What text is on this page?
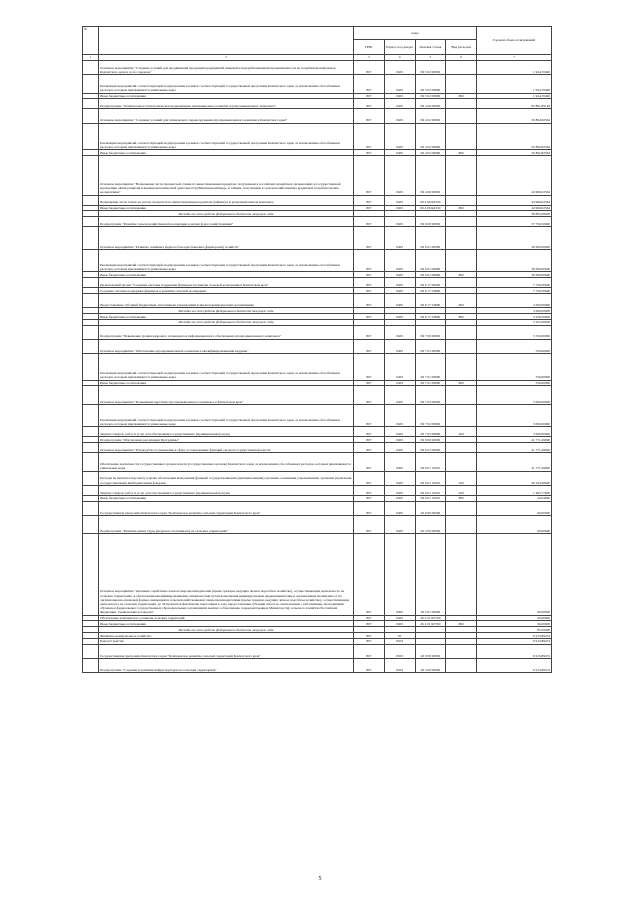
№		коды				Годовой объем ассигнований
		ГРБС	Раздел, под-раздел	Целевая статья	Вид расходов	
1	2	3	4	5	6	7
	Основное мероприятие "Создание условий для продвижения продукции предприятий пищевой и перерабатывающей промышленности на потребительский рынок Камчатского края и за его пределы"	807	0405	09 3 02 00000		1 944,76400
	Реализация мероприятий соответствующей подпрограммы в рамках соответствующей государственной программы Камчатского края, за исключением обособленных расходов, которым присваиваются уникальные коды	807	0405	09 3 02 09990		1 944,76400
	Иные бюджетные ассигнования	807	0405	09 3 02 09990	800	1 944,76400
	Подпрограмма "Техническая и технологическая модернизация, инновационное развитие агропромышленного комплекса"	807	0405	09 4 00 00000		95 861,85128
	Основное мероприятие "Создание условий для технического перевооружения агропромышленного комплекса Камчатского края"	807	0405	09 4 02 00000		50 892,82564
	Реализация мероприятий соответствующей подпрограммы в рамках соответствующей государственной программы Камчатского края, за исключением обособленных расходов, которым присваиваются уникальные коды	807	0405	09 4 02 09990		50 892,82564
	Иные бюджетные ассигнования	807	0405	09 4 02 09990	800	50 892,82564
	Основное мероприятие "Возмещение части процентной ставки по инвестиционным кредитам, полученным в российских кредитных организациях и государственной корпорации «Банк развития и внешнеэкономической деятельности (Внешэкономбанк)», и займам, полученным в сельскохозяйственных кредитных потребительских кооперативах"	807	0405	09 4 06 00000		44 969,02564
	Возмещение части затрат на уплату процентов по инвестиционным кредитам (займам) в агропромышленном комплексе	807	0405	09 4 06 R4330		44 969,02564
	Иные бюджетные ассигнования	807	0405	09 4 06 R4330	800	44 969,02564
	Расходы за счет средств федерального бюджета текущего года					38 893,00000
	Подпрограмма "Развитие сельскохозяйственной кооперации и малых форм хозяйствования"	807	0405	09 6 00 00000		37 756,50000
	Основное мероприятие "Развитие семейных ферм на базе крестьянских (фермерских) хозяйств"	807	0405	09 6 01 00000		30 000,00000
	Реализация мероприятий соответствующей подпрограммы в рамках соответствующей государственной программы Камчатского края, за исключением обособленных расходов, которым присваиваются уникальные коды	807	0405	09 6 01 09990		30 000,00000
	Иные бюджетные ассигнования	807	0405	09 6 01 09990	800	30 000,00000
	Региональный проект "Создание системы поддержки фермеров и развитие сельской кооперации в Камчатском крае"	807	0405	09 6 17 00000		7 756,50000
	Создание системы поддержки фермеров и развитие сельской кооперации	807	0405	09 6 17 54800		7 756,50000
	Предоставление субсидий бюджетным, автономным учреждениям и иным некоммерческим организациям	807	0405	09 6 17 54800	600	4 500,00000
	Расходы за счет средств федерального бюджета текущего года					3 600,00000
	Иные бюджетные ассигнования	807	0405	09 6 17 54800	800	3 256,50000
	Расходы за счет средств федерального бюджета текущего года					3 165,00000
	Подпрограмма "Повышение уровня кадрового потенциала и информационного обеспечения агропромышленного комплекса"	807	0405	09 7 00 00000		3 550,00000
	Основное мероприятие "Обеспечение агропромышленного комплекса квалифицированными кадрами"	807	0405	09 7 01 00000		550,00000
	Реализация мероприятий соответствующей подпрограммы в рамках соответствующей государственной программы Камчатского края, за исключением обособленных расходов, которым присваиваются уникальные коды	807	0405	09 7 01 09990		550,00000
	Иные бюджетные ассигнования	807	0405	09 7 01 09990	800	550,00000
	Основное мероприятие "Повышение престижа агропромышленного комплекса в Камчатском крае"	807	0405	09 7 02 00000		3 000,00000
	Реализация мероприятий соответствующей подпрограммы в рамках соответствующей государственной программы Камчатского края, за исключением обособленных расходов, которым присваиваются уникальные коды	807	0405	09 7 02 09990		3 000,00000
	Закупка товаров, работ и услуг для обеспечения государственных (муниципальных) нужд	807	0405	09 7 02 09990	200	3 000,00000
	Подпрограмма "Обеспечение реализации Программы"	807	0405	09 9 00 00000		41 771,49000
	Основное мероприятие "Руководство и управление в сфере установленных функций органов государственной власти"	807	0405	09 9 01 00000		41 771,49000
	Обеспечение деятельности государственных органов власти (государственных органов) Камчатского края, за исключением обособленных расходов, которым присваиваются уникальные коды	807	0405	09 9 01 10010		41 771,49000
	Расходы на выплаты персоналу в целях обеспечения выполнения функций государственными (муниципальными) органами, казенными учреждениями, органами управления государственными внебюджетными фондами	807	0405	09 9 01 10010	100	40 243,68000
	Закупка товаров, работ и услуг для обеспечения государственных (муниципальных) нужд	807	0405	09 9 01 10010	200	1 495,77000
	Иные бюджетные ассигнования	807	0405	09 9 01 10010	800	32,04000
	Государственная программа Камчатского края "Комплексное развитие сельских территорий Камчатского края"	807	0405	26 0 00 00000		90,00000
	Подпрограмма "Развитие рынка труда (кадрового потенциала) на сельских территориях"	807	0405	26 2 00 00000		90,00000
	Основное мероприятие "Оказание содействия сельхозтоваропроизводителям (кроме граждан, ведущих личное подсобное хозяйство), осуществляющим деятельность на сельских территориях, в обеспечении квалифицированными специалистами путем возмещения индивидуальным предпринимателям и организациям независимо от их организационно-правовой формы, являющимся сельскохозяйственными товаропроизводителями (кроме граждан, ведущих личное подсобное хозяйство), осуществляющим деятельность на сельских территориях, до 30 процентов фактически понесенных в году предоставления субсидии затрат по заключенным с работниками, проходящими обучение в федеральных государственных образовательных организациях высшего образования, подведомственных Министерству сельского хозяйства Российской Федерации, ученическим договорам"	807	0405	26 2 01 00000		90,00000
	Обеспечение комплексного развития сельских территорий	807	0405	26 2 01 R5760		90,00000
	Иные бюджетные ассигнования	807	0405	26 2 01 R5760	800	90,00000
	Расходы за счет средств федерального бюджета текущего года					85,50000
	Жилищно-коммунальное хозяйство	807	05			6 913,89474
	Благоустройство	807	0503			6 913,89474
	Государственная программа Камчатского края "Комплексное развитие сельских территорий Камчатского края"	807	0503	26 0 00 00000		6 913,89474
	Подпрограмма "Создание и развитие инфраструктуры на сельских территориях"	807	0503	26 3 00 00000		6 913,89474
5
